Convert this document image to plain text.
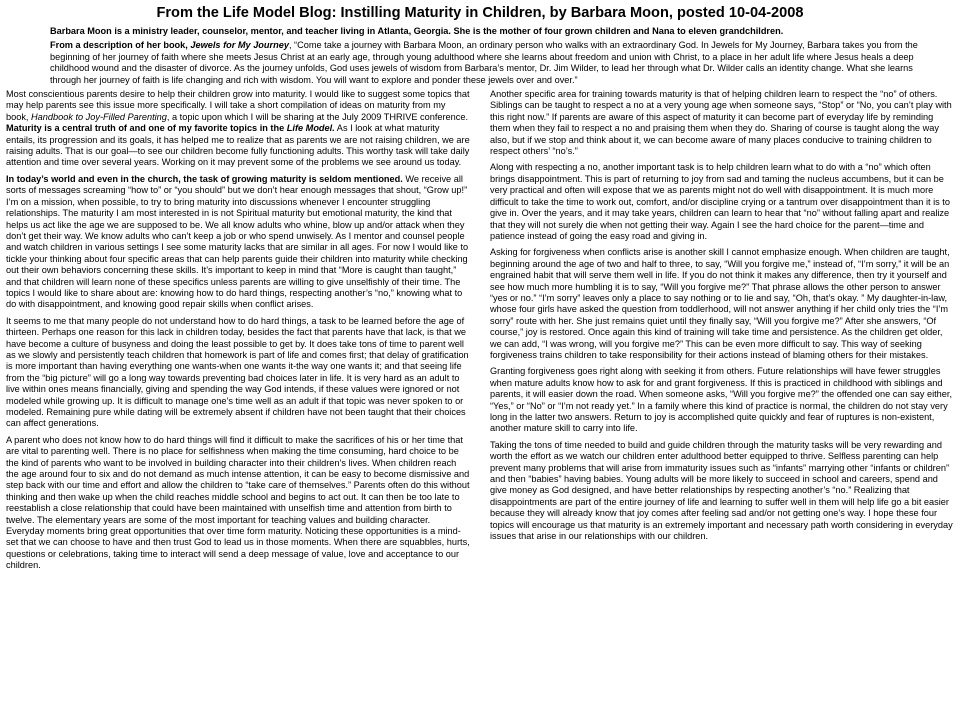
From the Life Model Blog: Instilling Maturity in Children, by Barbara Moon, posted 10-04-2008

Barbara Moon is a ministry leader, counselor, mentor, and teacher living in Atlanta, Georgia. She is the mother of four grown children and Nana to eleven grandchildren.

From a description of her book, Jewels for My Journey, “Come take a journey with Barbara Moon, an ordinary person who walks with an extraordinary God. In Jewels for My Journey, Barbara takes you from the beginning of her journey of faith where she meets Jesus Christ at an early age, through young adulthood where she learns about freedom and union with Christ, to a place in her adult life where Jesus heals a deep childhood wound and the disaster of divorce. As the journey unfolds, God uses jewels of wisdom from Barbara’s mentor, Dr. Jim Wilder, to lead her through what Dr. Wilder calls an identity change. What she learns through her journey of faith is life changing and rich with wisdom. You will want to explore and ponder these jewels over and over.”

Most conscientious parents desire to help their children grow into maturity. I would like to suggest some topics that may help parents see this issue more specifically. I will take a short compilation of ideas on maturity from my book, Handbook to Joy-Filled Parenting, a topic upon which I will be sharing at the July 2009 THRIVE conference. Maturity is a central truth of and one of my favorite topics in the Life Model. As I look at what maturity entails, its progression and its goals, it has helped me to realize that as parents we are not raising children, we are raising adults. That is our goal—to see our children become fully functioning adults. This worthy task will take daily attention and time over several years. Working on it may prevent some of the problems we see around us today.

In today’s world and even in the church, the task of growing maturity is seldom mentioned. We receive all sorts of messages screaming “how to” or “you should” but we don’t hear enough messages that shout, “Grow up!” I’m on a mission, when possible, to try to bring maturity into discussions whenever I encounter struggling relationships. The maturity I am most interested in is not Spiritual maturity but emotional maturity, the kind that helps us act like the age we are supposed to be. We all know adults who whine, blow up and/or attack when they don’t get their way. We know adults who can’t keep a job or who spend unwisely. As I mentor and counsel people and watch children in various settings I see some maturity lacks that are similar in all ages. For now I would like to tickle your thinking about four specific areas that can help parents guide their children into maturity while checking out their own behaviors concerning these skills. It’s important to keep in mind that “More is caught than taught,” and that children will learn none of these specifics unless parents are willing to give unselfishly of their time. The topics I would like to share about are: knowing how to do hard things, respecting another’s “no,” knowing what to do with disappointment, and knowing good repair skills when conflict arises.

It seems to me that many people do not understand how to do hard things, a task to be learned before the age of thirteen. Perhaps one reason for this lack in children today, besides the fact that parents have that lack, is that we have become a culture of busyness and doing the least possible to get by. It does take tons of time to parent well as we slowly and persistently teach children that homework is part of life and comes first; that delay of gratification is more important than having everything one wants-when one wants it-the way one wants it; and that seeing life from the “big picture” will go a long way towards preventing bad choices later in life. It is very hard as an adult to live within ones means financially, giving and spending the way God intends, if these values were ignored or not modeled while growing up. It is difficult to manage one’s time well as an adult if that topic was never spoken to or modeled. Remaining pure while dating will be extremely absent if children have not been taught that their choices can affect generations.

A parent who does not know how to do hard things will find it difficult to make the sacrifices of his or her time that are vital to parenting well. There is no place for selfishness when making the time consuming, hard choice to be the kind of parents who want to be involved in building character into their children’s lives. When children reach the age around four to six and do not demand as much intense attention, it can be easy to become dismissive and step back with our time and effort and allow the children to “take care of themselves.” Parents often do this without thinking and then wake up when the child reaches middle school and begins to act out. It can then be too late to reestablish a close relationship that could have been maintained with unselfish time and attention from birth to twelve. The elementary years are some of the most important for teaching values and building character. Everyday moments bring great opportunities that over time form maturity. Noticing these opportunities is a mind-set that we can choose to have and then trust God to lead us in those moments. When there are squabbles, hurts, questions or celebrations, taking time to interact will send a deep message of value, love and acceptance to our children.

Another specific area for training towards maturity is that of helping children learn to respect the “no” of others. Siblings can be taught to respect a no at a very young age when someone says, “Stop” or “No, you can’t play with this right now.” If parents are aware of this aspect of maturity it can become part of everyday life by reminding them when they fail to respect a no and praising them when they do. Sharing of course is taught along the way also, but if we stop and think about it, we can become aware of many places conducive to training children to respect others’ “no’s.”

Along with respecting a no, another important task is to help children learn what to do with a “no” which often brings disappointment. This is part of returning to joy from sad and taming the nucleus accumbens, but it can be very practical and often will expose that we as parents might not do well with disappointment. It is much more difficult to take the time to work out, comfort, and/or discipline crying or a tantrum over disappointment than it is to give in. Over the years, and it may take years, children can learn to hear that “no” without falling apart and realize that they will not surely die when not getting their way. Again I see the hard choice for the parent—time and patience instead of going the easy road and giving in.

Asking for forgiveness when conflicts arise is another skill I cannot emphasize enough. When children are taught, beginning around the age of two and half to three, to say, “Will you forgive me,” instead of, “I’m sorry,” it will be an engrained habit that will serve them well in life. If you do not think it makes any difference, then try it yourself and see how much more humbling it is to say, “Will you forgive me?” That phrase allows the other person to answer “yes or no.” “I’m sorry” leaves only a place to say nothing or to lie and say, “Oh, that’s okay. ” My daughter-in-law, whose four girls have asked the question from toddlerhood, will not answer anything if her child only tries the “I’m sorry” route with her. She just remains quiet until they finally say, “Will you forgive me?” After she answers, “Of course,” joy is restored. Once again this kind of training will take time and persistence. As the children get older, we can add, “I was wrong, will you forgive me?” This can be even more difficult to say. This way of seeking forgiveness trains children to take responsibility for their actions instead of blaming others for their mistakes.

Granting forgiveness goes right along with seeking it from others. Future relationships will have fewer struggles when mature adults know how to ask for and grant forgiveness. If this is practiced in childhood with siblings and parents, it will easier down the road. When someone asks, “Will you forgive me?” the offended one can say either, “Yes,” or “No” or “I’m not ready yet.” In a family where this kind of practice is normal, the children do not stay very long in the latter two answers. Return to joy is accomplished quite quickly and fear of ruptures is non-existent, another mature skill to carry into life.

Taking the tons of time needed to build and guide children through the maturity tasks will be very rewarding and worth the effort as we watch our children enter adulthood better equipped to thrive. Selfless parenting can help prevent many problems that will arise from immaturity issues such as “infants” marrying other “infants or children” and then “babies” having babies. Young adults will be more likely to succeed in school and careers, spend and give money as God designed, and have better relationships by respecting another’s “no.” Realizing that disappointments are part of the entire journey of life and learning to suffer well in them will help life go a bit easier because they will already know that joy comes after feeling sad and/or not getting one’s way. I hope these four topics will encourage us that maturity is an extremely important and necessary path worth considering in everyday issues that arise in our relationships with our children.
